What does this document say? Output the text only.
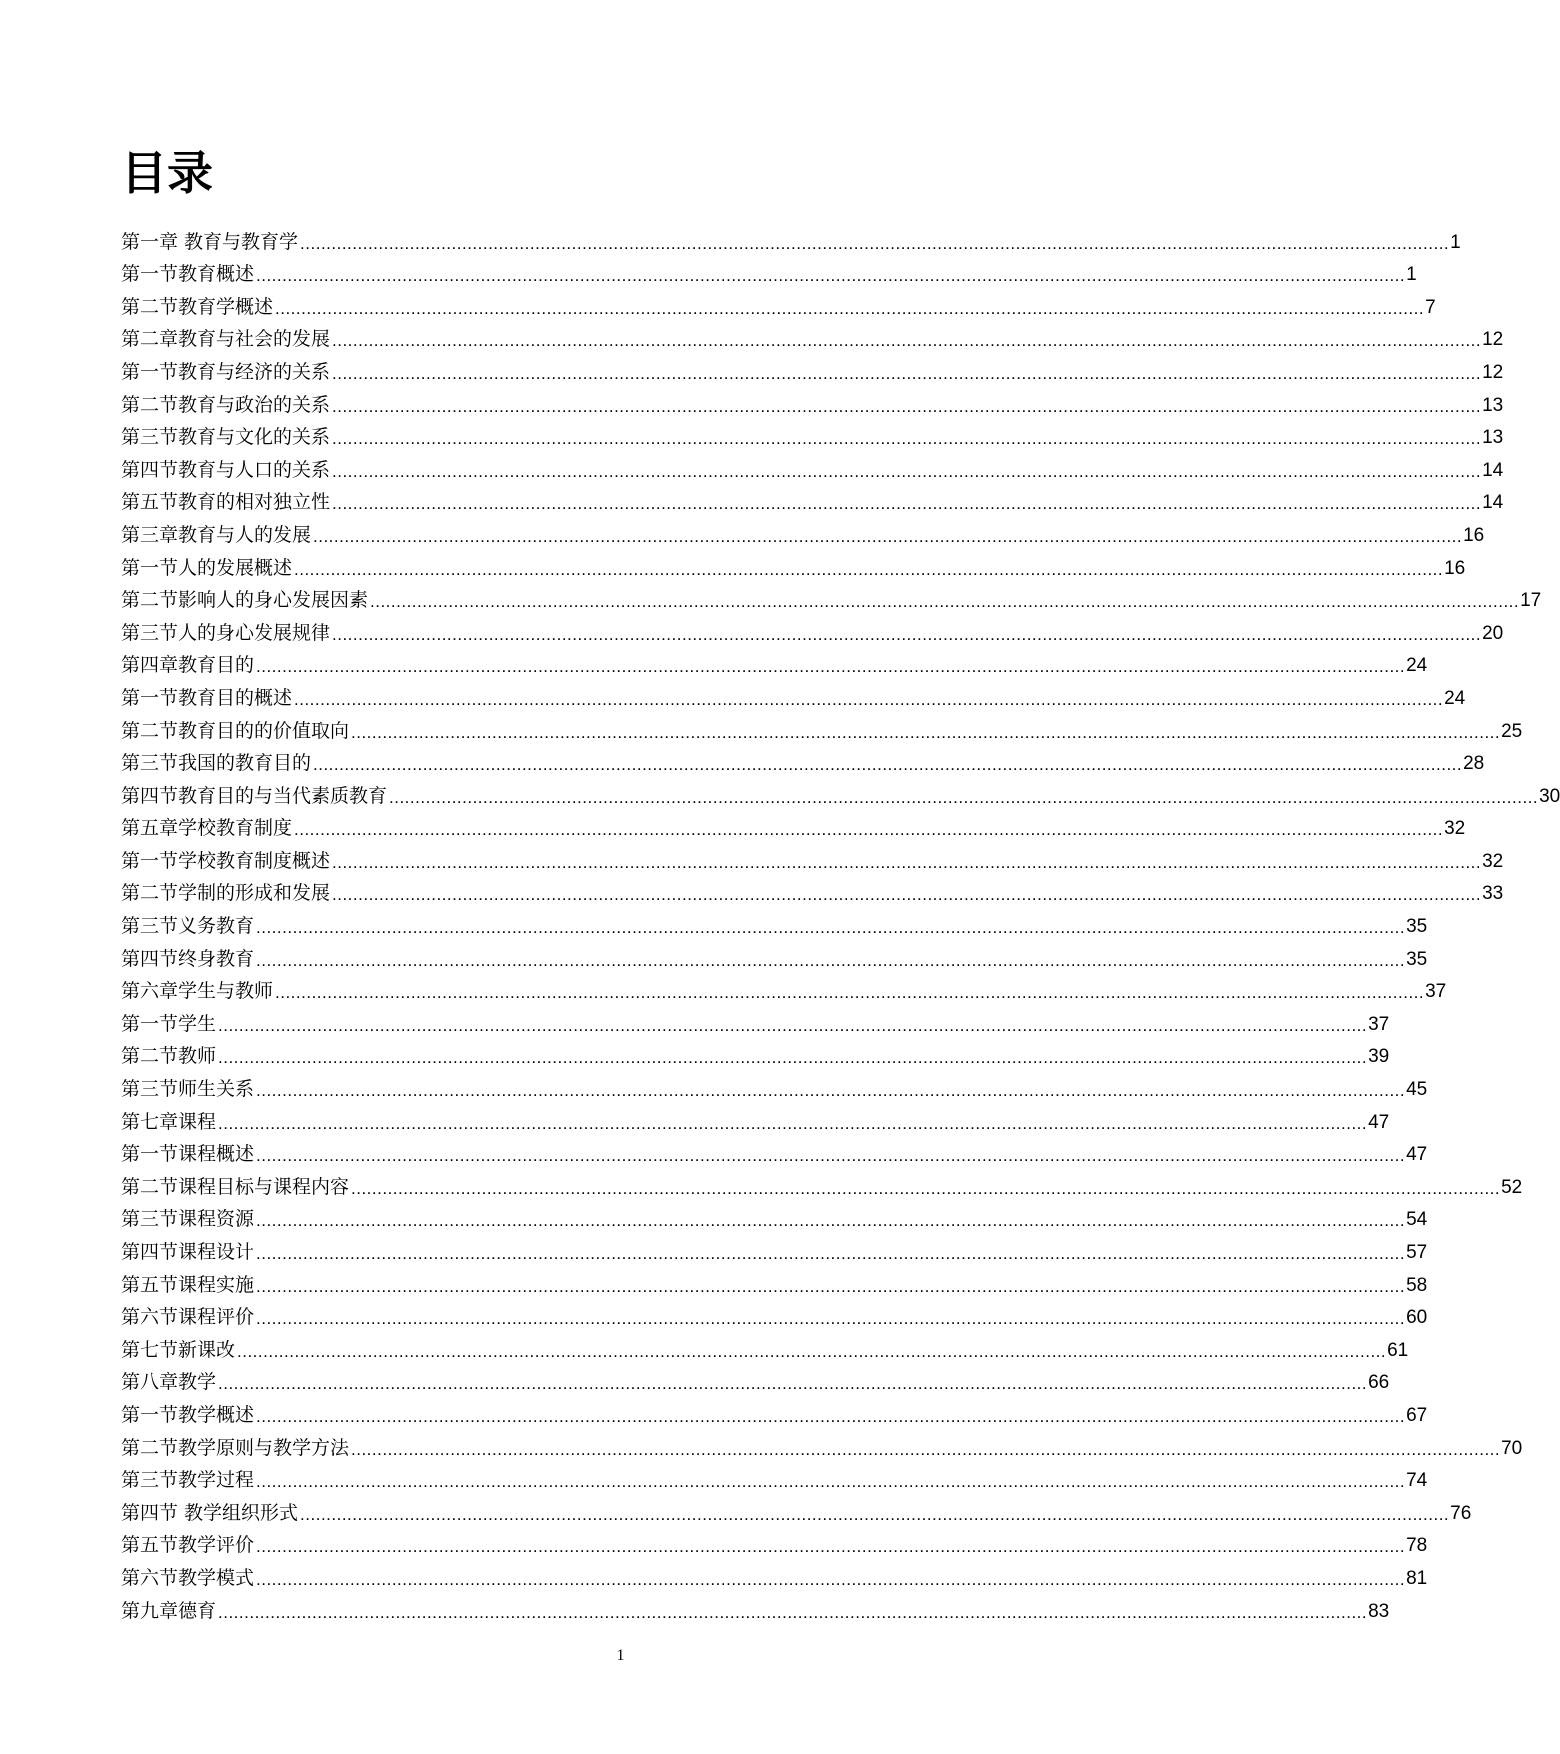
目录
第一章 教育与教育学 ............................................................................................................................................................................................................................ 1
第一节教育概述 ............................................................................................................................................................................................................................ 1
第二节教育学概述 ............................................................................................................................................................................................................................ 7
第二章教育与社会的发展 ............................................................................................................................................................................................................................ 12
第一节教育与经济的关系 ............................................................................................................................................................................................................................ 12
第二节教育与政治的关系 ............................................................................................................................................................................................................................ 13
第三节教育与文化的关系 ............................................................................................................................................................................................................................ 13
第四节教育与人口的关系 ............................................................................................................................................................................................................................ 14
第五节教育的相对独立性 ............................................................................................................................................................................................................................ 14
第三章教育与人的发展 ............................................................................................................................................................................................................................ 16
第一节人的发展概述 ............................................................................................................................................................................................................................ 16
第二节影响人的身心发展因素 ............................................................................................................................................................................................................................ 17
第三节人的身心发展规律 ............................................................................................................................................................................................................................ 20
第四章教育目的 ............................................................................................................................................................................................................................ 24
第一节教育目的概述 ............................................................................................................................................................................................................................ 24
第二节教育目的的价值取向 ............................................................................................................................................................................................................................ 25
第三节我国的教育目的 ............................................................................................................................................................................................................................ 28
第四节教育目的与当代素质教育 ............................................................................................................................................................................................................................ 30
第五章学校教育制度 ............................................................................................................................................................................................................................ 32
第一节学校教育制度概述 ............................................................................................................................................................................................................................ 32
第二节学制的形成和发展 ............................................................................................................................................................................................................................ 33
第三节义务教育 ............................................................................................................................................................................................................................ 35
第四节终身教育 ............................................................................................................................................................................................................................ 35
第六章学生与教师 ............................................................................................................................................................................................................................ 37
第一节学生 ............................................................................................................................................................................................................................ 37
第二节教师 ............................................................................................................................................................................................................................ 39
第三节师生关系 ............................................................................................................................................................................................................................ 45
第七章课程 ............................................................................................................................................................................................................................ 47
第一节课程概述 ............................................................................................................................................................................................................................ 47
第二节课程目标与课程内容 ............................................................................................................................................................................................................................ 52
第三节课程资源 ............................................................................................................................................................................................................................ 54
第四节课程设计 ............................................................................................................................................................................................................................ 57
第五节课程实施 ............................................................................................................................................................................................................................ 58
第六节课程评价 ............................................................................................................................................................................................................................ 60
第七节新课改 ............................................................................................................................................................................................................................ 61
第八章教学 ............................................................................................................................................................................................................................ 66
第一节教学概述 ............................................................................................................................................................................................................................ 67
第二节教学原则与教学方法 ............................................................................................................................................................................................................................ 70
第三节教学过程 ............................................................................................................................................................................................................................ 74
第四节 教学组织形式 ............................................................................................................................................................................................................................ 76
第五节教学评价 ............................................................................................................................................................................................................................ 78
第六节教学模式 ............................................................................................................................................................................................................................ 81
第九章德育 ............................................................................................................................................................................................................................ 83
1
